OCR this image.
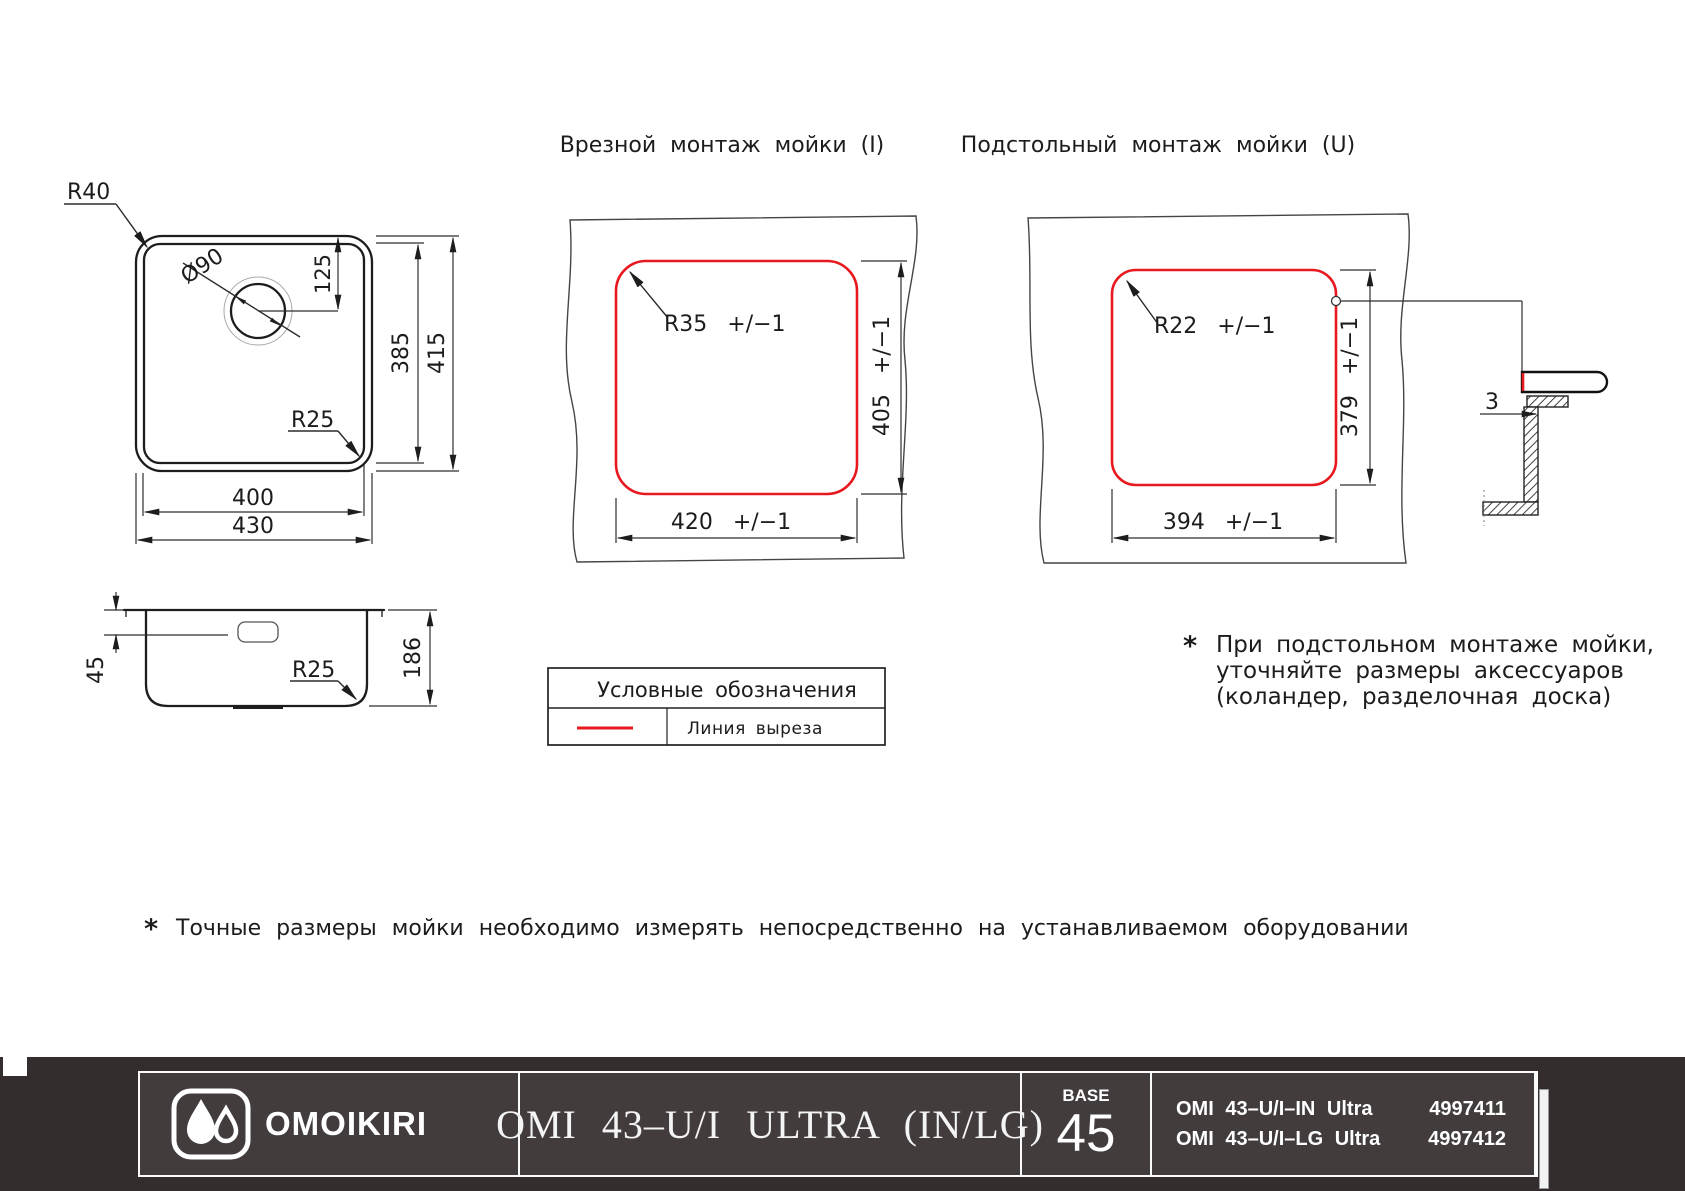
Ø90	125
385 415
400
430
R40
R25
45	186
R25
Врезной монтаж мойки (I)
R35 +/−1	405 +/−1
420 +/−1
Подстольный монтаж мойки (U)
R22 +/−1	379 +/−1
394 +/−1
3
Условные обозначения
Линия выреза
* При подстольном монтаже мойки,
уточняйте размеры аксессуаров
(коландер, разделочная доска)
* Точные размеры мойки необходимо измерять непосредственно на устанавливаемом оборудовании
OMOIKIRI OMI 43–U/I ULTRA (IN/LG)
BASE
45	OMI 43–U/I–IN Ultra	4997411
OMI 43–U/I–LG Ultra 4997412
